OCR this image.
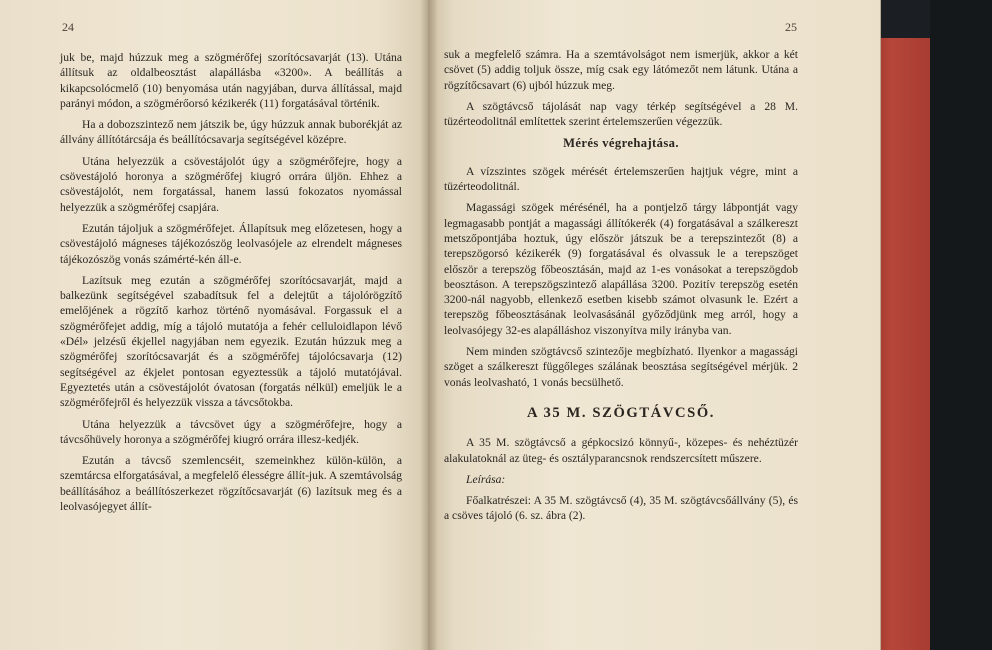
24

juk be, majd húzzuk meg a szögmérőfej szorítócsavarját (13). Utána állítsuk az oldalbeosztást alapállásba «3200». A beállítás a kikapcsolócmelő (10) benyomása után nagyjában, durva állítással, majd parányi módon, a szögmérőorsó kézikerék (11) forgatásával történik.

Ha a dobozszintező nem játszik be, úgy húzzuk annak buborékját az állvány állítótárcsája és beállítócsavarja segítségével középre.

Utána helyezzük a csövestájolót úgy a szögmérőfejre, hogy a csövestájoló horonya a szögmérőfej kiugró orrára üljön. Ehhez a csövestájolót, nem forgatással, hanem lassú fokozatos nyomással helyezzük a szögmérőfej csapjára.

Ezután tájoljuk a szögmérőfejet. Állapítsuk meg előzetesen, hogy a csövestájoló mágneses tájékozószög leolvasójele az elrendelt mágneses tájékozószög vonás számérté-kén áll-e.

Lazítsuk meg ezután a szögmérőfej szorítócsavarját, majd a balkezünk segítségével szabadítsuk fel a delejtűt a tájolórögzítő emelőjének a rögzítő karhoz történő nyomásával. Forgassuk el a szögmérőfejet addig, míg a tájoló mutatója a fehér celluloidlapon lévő «Dél» jelzésű ékjellel nagyjában nem egyezik. Ezután húzzuk meg a szögmérőfej szorítócsavarját és a szögmérőfej tájolócsavarja (12) segítségével az ékjelet pontosan egyeztessük a tájoló mutatójával. Egyeztetés után a csövestájolót óvatosan (forgatás nélkül) emeljük le a szögmérőfejről és helyezzük vissza a távcsőtokba.

Utána helyezzük a távcsövet úgy a szögmérőfejre, hogy a távcsőhüvely horonya a szögmérőfej kiugró orrára illesz-kedjék.

Ezután a távcső szemlencséit, szemeinkhez külön-külön, a szemtárcsa elforgatásával, a megfelelő élességre állít-juk. A szemtávolság beállításához a beállítószerkezet rögzítőcsavarját (6) lazítsuk meg és a leolvasójegyet állít-

25

suk a megfelelő számra. Ha a szemtávolságot nem ismerjük, akkor a két csövet (5) addig toljuk össze, míg csak egy látómezőt nem látunk. Utána a rögzítőcsavart (6) ujból húzzuk meg.

A szögtávcső tájolását nap vagy térkép segítségével a 28 M. tüzérteodolitnál említettek szerint értelemszerűen végezzük.

Mérés végrehajtása.

A vízszintes szögek mérését értelemszerűen hajtjuk végre, mint a tüzérteodolitnál.

Magassági szögek mérésénél, ha a pontjelző tárgy lábpontját vagy legmagasabb pontját a magassági állítókerék (4) forgatásával a szálkereszt metszőpontjába hoztuk, úgy először játszuk be a terepszintezőt (8) a terepszögorsó kézikerék (9) forgatásával és olvassuk le a terepszöget először a terepszög főbeosztásán, majd az 1-es vonásokat a terepszögdob beosztáson. A terepszögszintező alapállása 3200. Pozitív terepszög esetén 3200-nál nagyobb, ellenkező esetben kisebb számot olvasunk le. Ezért a terepszög főbeosztásának leolvasásánál győződjünk meg arról, hogy a leolvasójegy 32-es alapálláshoz viszonyítva mily irányba van.

Nem minden szögtávcső szintezője megbízható. Ilyenkor a magassági szöget a szálkereszt függőleges szálának beosztása segítségével mérjük. 2 vonás leolvasható, 1 vonás becsülhető.

A 35 M. SZÖGTÁVCSŐ.

A 35 M. szögtávcső a gépkocsizó könnyű-, közepes- és nehéztüzér alakulatoknál az üteg- és osztályparancsnok rendszercsített műszere.

Leírása:

Főalkatrészei: A 35 M. szögtávcső (4), 35 M. szögtávcsőállvány (5), és a csöves tájoló (6. sz. ábra (2).
